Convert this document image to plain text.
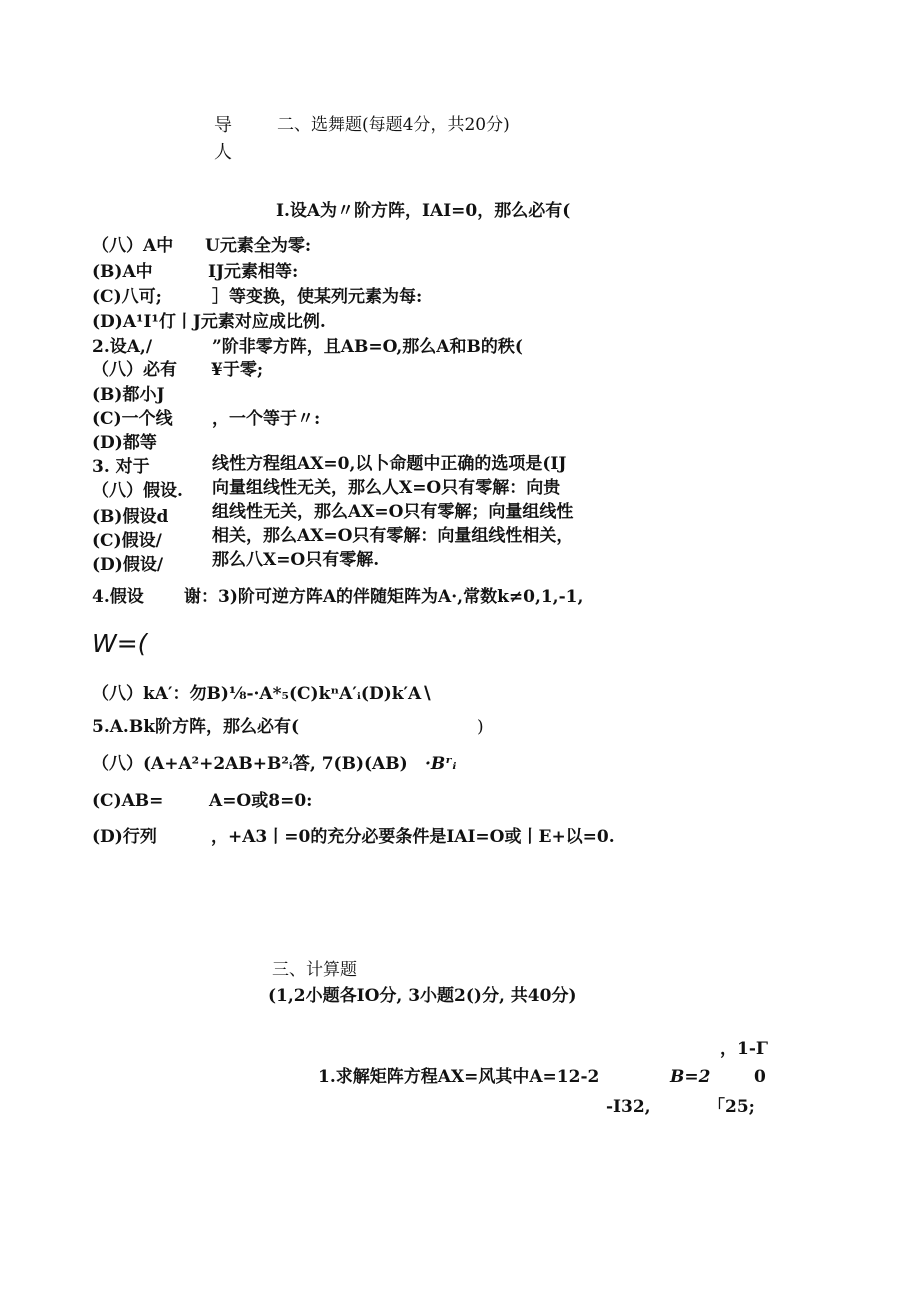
导
人
二、选舞题(每题4分，共20分)
I.设A为〃阶方阵，IAI=0，那么必有(
（八）A中 U元素全为零:
(B)A中	IJ元素相等:
(C)八可;	］等变换，使某列元素为每:
(D)A¹I¹仃丨J元素对应成比例.
2.设A,/	”阶非零方阵，且AB=O,那么A和B的秩(
（八）必有 ¥于零;
(B)都小J
(C)一个线 ，一个等于〃:
(D)都等
3. 对于	线性方程组AX=0,以卜命题中正确的选项是(IJ
（八）假设. 向量组线性无关，那么人X=O只有零解：向贵
(B)假设d	组线性无关，那么AX=O只有零解；向量组线性
(C)假设/	相关，那么AX=O只有零解：向量组线性相关，
(D)假设/	那么八X=O只有零解.
4.假设 谢：3)阶可逆方阵A的伴随矩阵为A·,常数k≠0,1,-1,
W=(
（八）kA′：勿B)⅛-·A*₅(C)kⁿA′ᵢ(D)k′A∖
5.A.Bk阶方阵，那么必有(	)
（八）(A+A²+2AB+B²ᵢ答, 7(B)(AB) ·Bʳᵢ
(C)AB=	A=O或8=0:
(D)行列	，+A3丨=0的充分必要条件是IAI=O或丨E+以=0.
三、计算题
(1,2小题各IO分, 3小题2()分, 共40分)
，1-Γ
1.求解矩阵方程AX=风其中A=12-2	B=2	0
-I32,	「25;
